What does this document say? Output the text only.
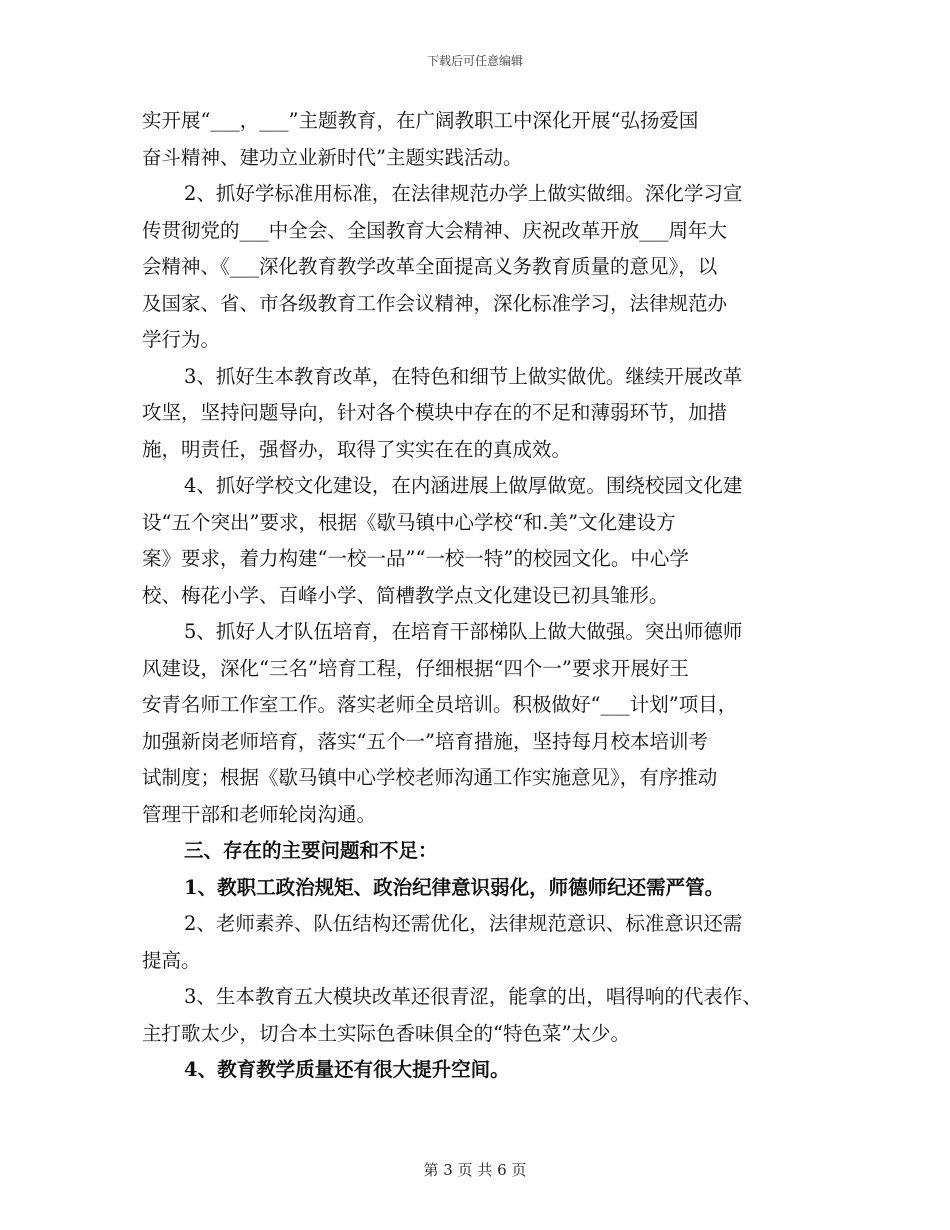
下载后可任意编辑
实开展“___，___”主题教育，在广阔教职工中深化开展“弘扬爱国
奋斗精神、建功立业新时代”主题实践活动。
2、抓好学标准用标准，在法律规范办学上做实做细。深化学习宣
传贯彻党的___中全会、全国教育大会精神、庆祝改革开放___周年大
会精神、《___深化教育教学改革全面提高义务教育质量的意见》，以
及国家、省、市各级教育工作会议精神，深化标准学习，法律规范办
学行为。
3、抓好生本教育改革，在特色和细节上做实做优。继续开展改革
攻坚，坚持问题导向，针对各个模块中存在的不足和薄弱环节，加措
施，明责任，强督办，取得了实实在在的真成效。
4、抓好学校文化建设，在内涵进展上做厚做宽。围绕校园文化建
设“五个突出”要求，根据《歇马镇中心学校“和.美”文化建设方
案》要求，着力构建“一校一品”“一校一特”的校园文化。中心学
校、梅花小学、百峰小学、简槽教学点文化建设已初具雏形。
5、抓好人才队伍培育，在培育干部梯队上做大做强。突出师德师
风建设，深化“三名”培育工程，仔细根据“四个一”要求开展好王
安青名师工作室工作。落实老师全员培训。积极做好“___计划”项目，
加强新岗老师培育，落实“五个一”培育措施，坚持每月校本培训考
试制度；根据《歇马镇中心学校老师沟通工作实施意见》，有序推动
管理干部和老师轮岗沟通。
三、存在的主要问题和不足：
1、教职工政治规矩、政治纪律意识弱化，师德师纪还需严管。
2、老师素养、队伍结构还需优化，法律规范意识、标准意识还需
提高。
3、生本教育五大模块改革还很青涩，能拿的出，唱得响的代表作、
主打歌太少，切合本土实际色香味俱全的“特色菜”太少。
4、教育教学质量还有很大提升空间。
第 3 页 共 6 页
